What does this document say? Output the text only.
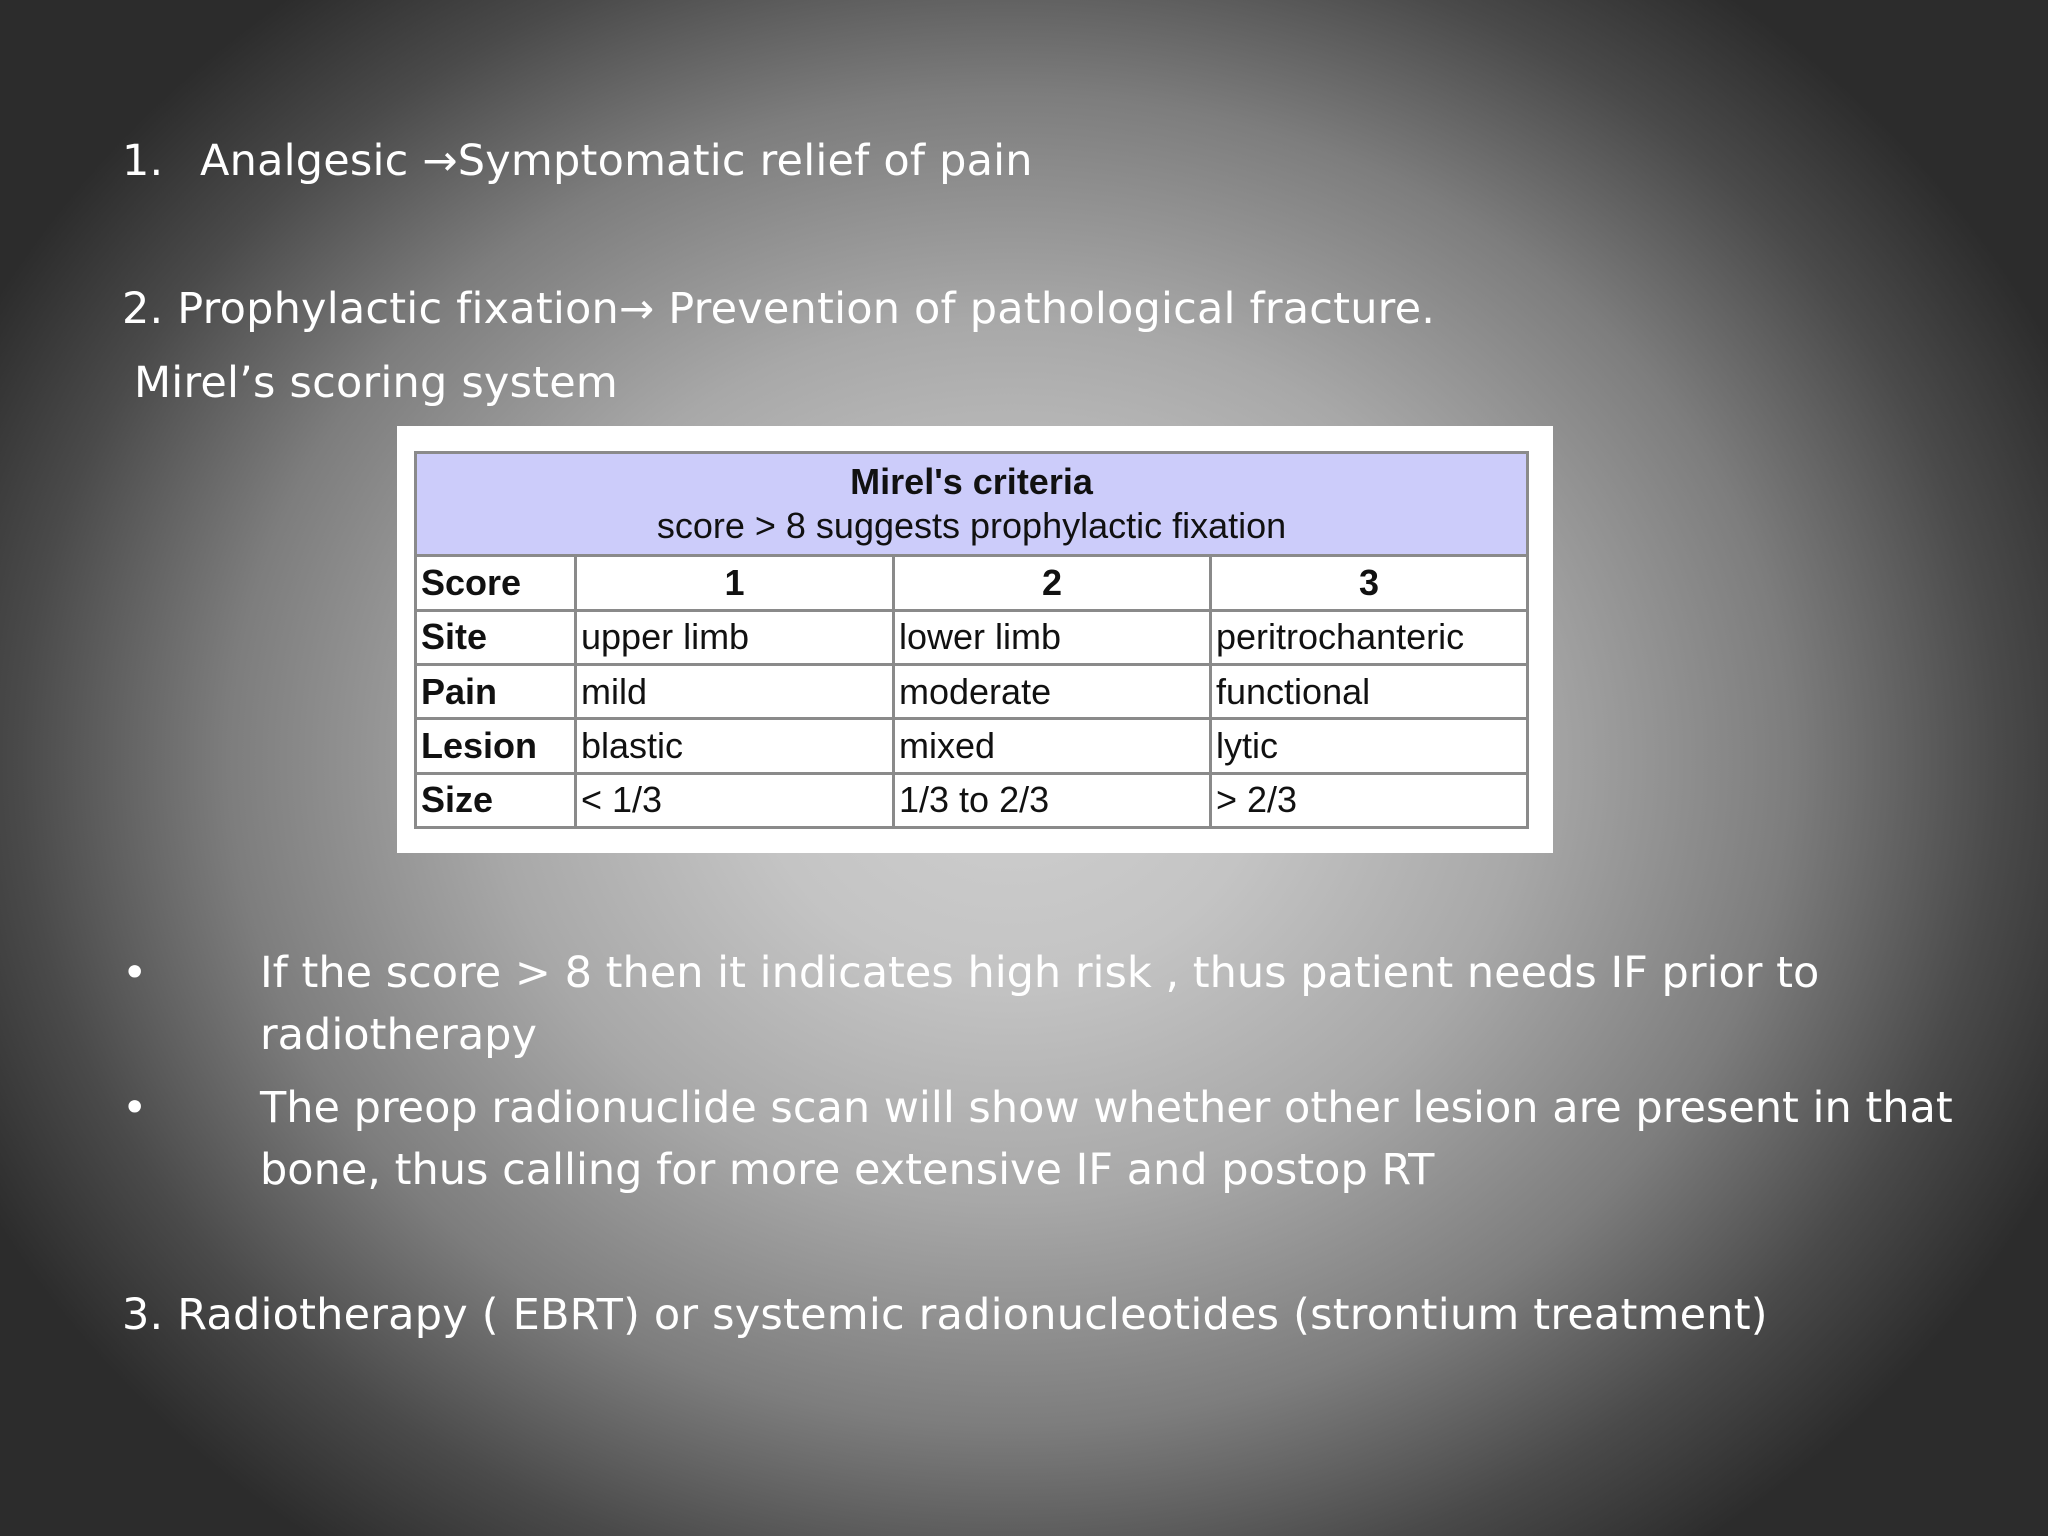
1. Analgesic →Symptomatic relief of pain
2. Prophylactic fixation→ Prevention of pathological fracture.
Mirel’s scoring system
Mirel's criteria
score > 8 suggests prophylactic fixation			

Score	1	2	3
Site	upper limb	lower limb	peritrochanteric
Pain	mild	moderate	functional
Lesion	blastic	mixed	lytic
Size	< 1/3	1/3 to 2/3	> 2/3
•	If the score > 8 then it indicates high risk , thus patient needs IF prior to radiotherapy
•	The preop radionuclide scan will show whether other lesion are present in that bone, thus calling for more extensive IF and postop RT
3. Radiotherapy ( EBRT) or systemic radionucleotides (strontium treatment)
